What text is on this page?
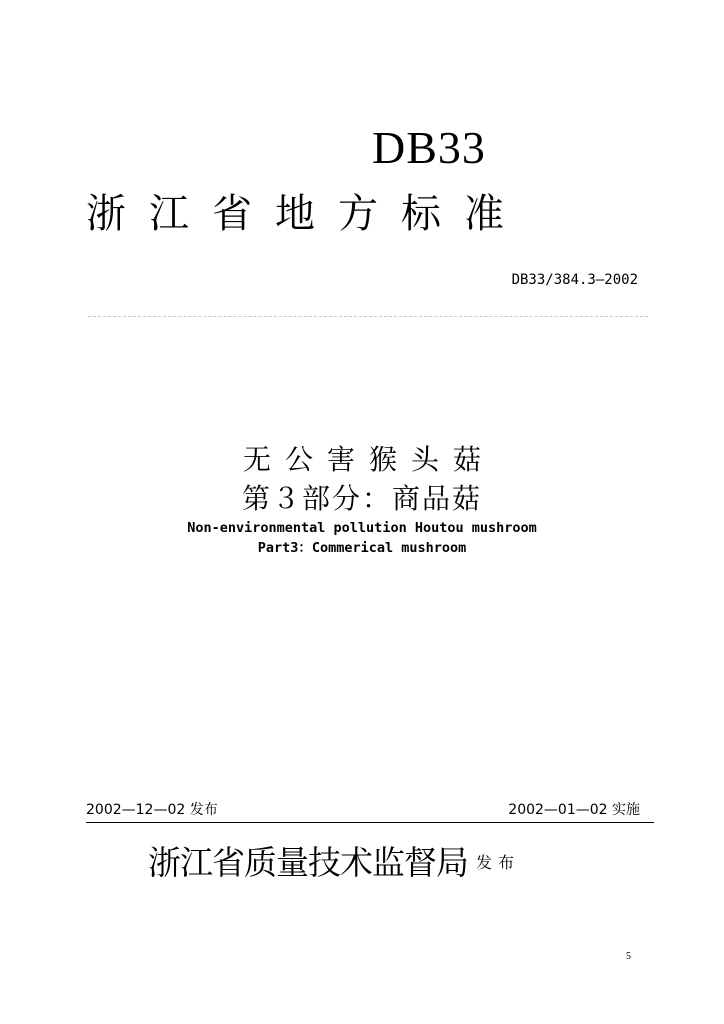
DB33
浙江省地方标准
DB33/384.3—2002
无公害猴头菇
第３部分：商品菇
Non-environmental pollution Houtou mushroom
Part3：Commerical mushroom
2002—12—02 发布	2002—01—02 实施
浙江省质量技术监督局 发布
5
